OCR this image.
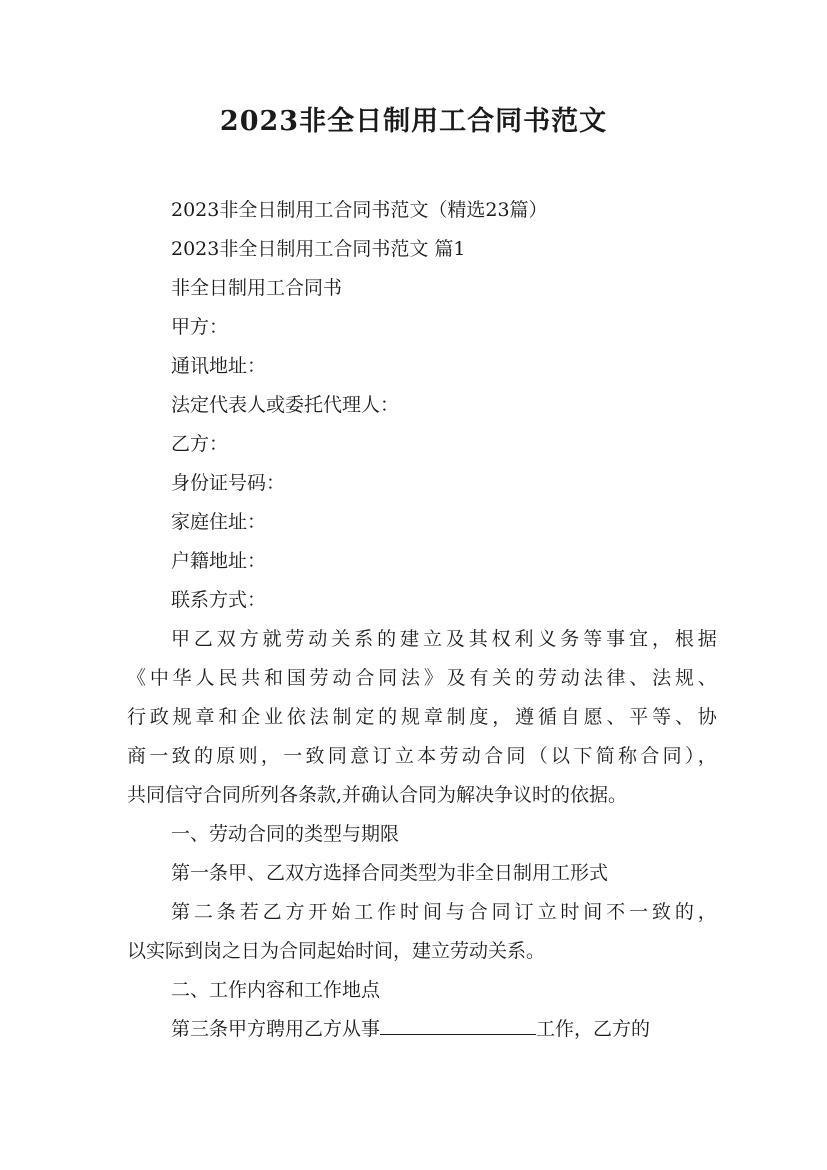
2023非全日制用工合同书范文
2023非全日制用工合同书范文（精选23篇）
2023非全日制用工合同书范文 篇1
非全日制用工合同书
甲方：
通讯地址：
法定代表人或委托代理人：
乙方：
身份证号码：
家庭住址：
户籍地址：
联系方式：
甲乙双方就劳动关系的建立及其权利义务等事宜，根据
《中华人民共和国劳动合同法》及有关的劳动法律、法规、
行政规章和企业依法制定的规章制度，遵循自愿、平等、协
商一致的原则，一致同意订立本劳动合同（以下简称合同），
共同信守合同所列各条款,并确认合同为解决争议时的依据。
一、劳动合同的类型与期限
第一条甲、乙双方选择合同类型为非全日制用工形式
第二条若乙方开始工作时间与合同订立时间不一致的，
以实际到岗之日为合同起始时间，建立劳动关系。
二、工作内容和工作地点
第三条甲方聘用乙方从事	工作，乙方的
